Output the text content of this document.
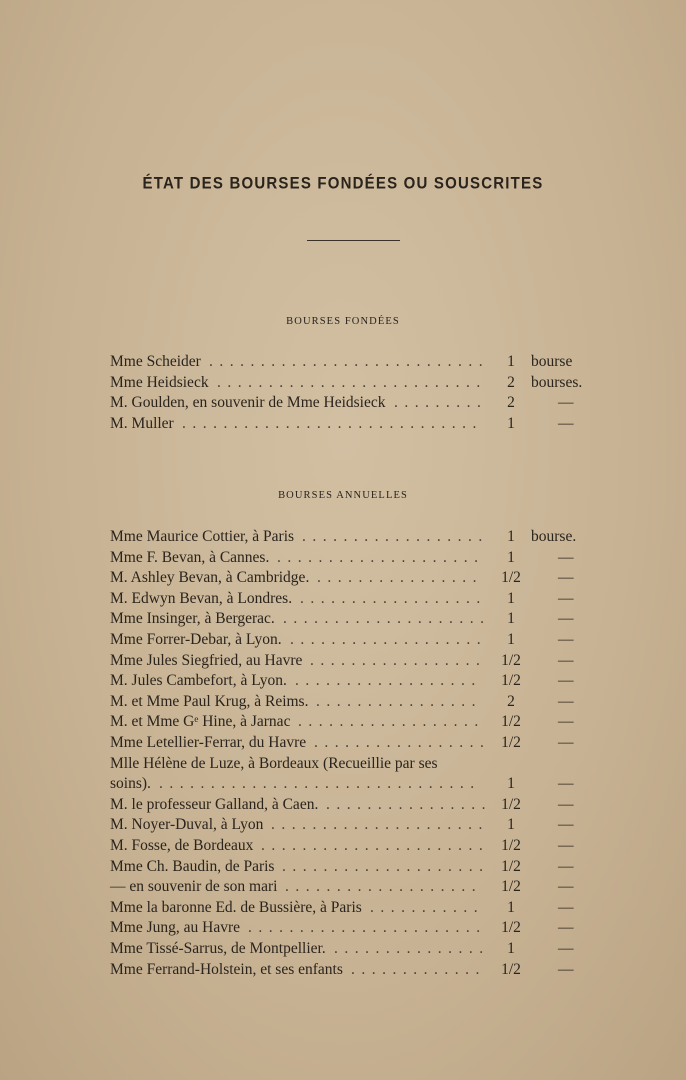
ÉTAT DES BOURSES FONDÉES OU SOUSCRITES
BOURSES FONDÉES
Mme Scheider ...........................	1	bourse
Mme Heidsieck ..........................	2	bourses.
M. Goulden, en souvenir de Mme Heidsieck .........	2	—
M. Muller .............................	1	—
BOURSES ANNUELLES
Mme Maurice Cottier, à Paris ..................	1	bourse.
Mme F. Bevan, à Cannes. ....................	1	—
M. Ashley Bevan, à Cambridge. ................ 1/2 —
M. Edwyn Bevan, à Londres. ..................	1	—
Mme Insinger, à Bergerac. ....................	1	—
Mme Forrer-Debar, à Lyon. ...................	1	—
Mme Jules Siegfried, au Havre ................. 1/2 —
M. Jules Cambefort, à Lyon. .................. 1/2 —
M. et Mme Paul Krug, à Reims. ................	2	—
M. et Mme Gᵉ Hine, à Jarnac .................. 1/2 —
Mme Letellier-Ferrar, du Havre ................. 1/2 —
Mlle Hélène de Luze, à Bordeaux (Recueillie par ses
soins). ...............................	1	—
M. le professeur Galland, à Caen. ................ 1/2 —
M. Noyer-Duval, à Lyon .....................	1	—
M. Fosse, de Bordeaux ...................... 1/2 —
Mme Ch. Baudin, de Paris .................... 1/2 —
— en souvenir de son mari ................... 1/2 —
Mme la baronne Ed. de Bussière, à Paris ...........	1	—
Mme Jung, au Havre ....................... 1/2 —
Mme Tissé-Sarrus, de Montpellier. ...............	1	—
Mme Ferrand-Holstein, et ses enfants ............. 1/2 —
